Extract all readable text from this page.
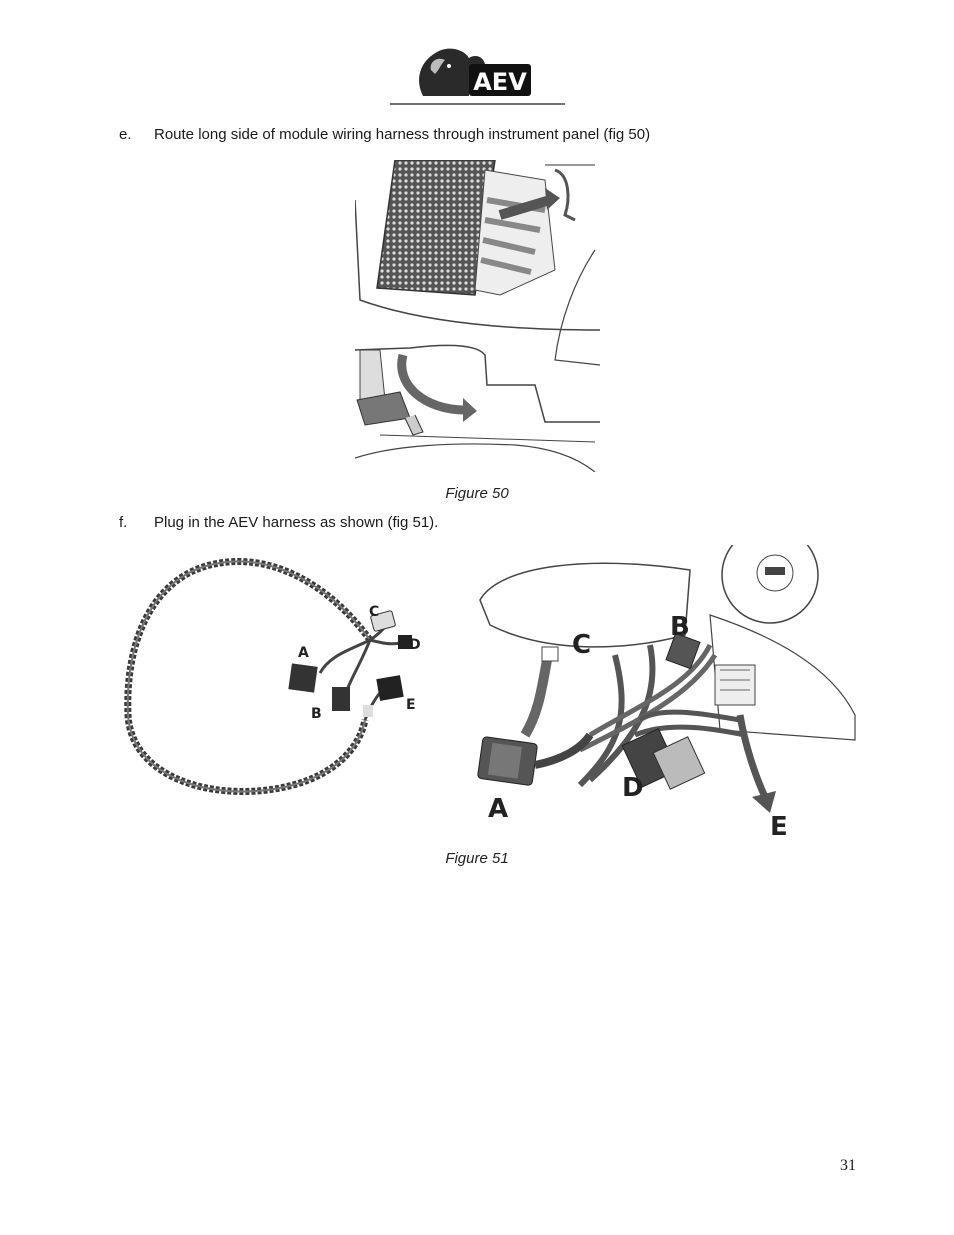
AEV
e. Route long side of module wiring harness through instrument panel (fig 50)
Figure 50
f. Plug in the AEV harness as shown (fig 51).
C
D
A
B
E
B
C
D
A
E
Figure 51
31
